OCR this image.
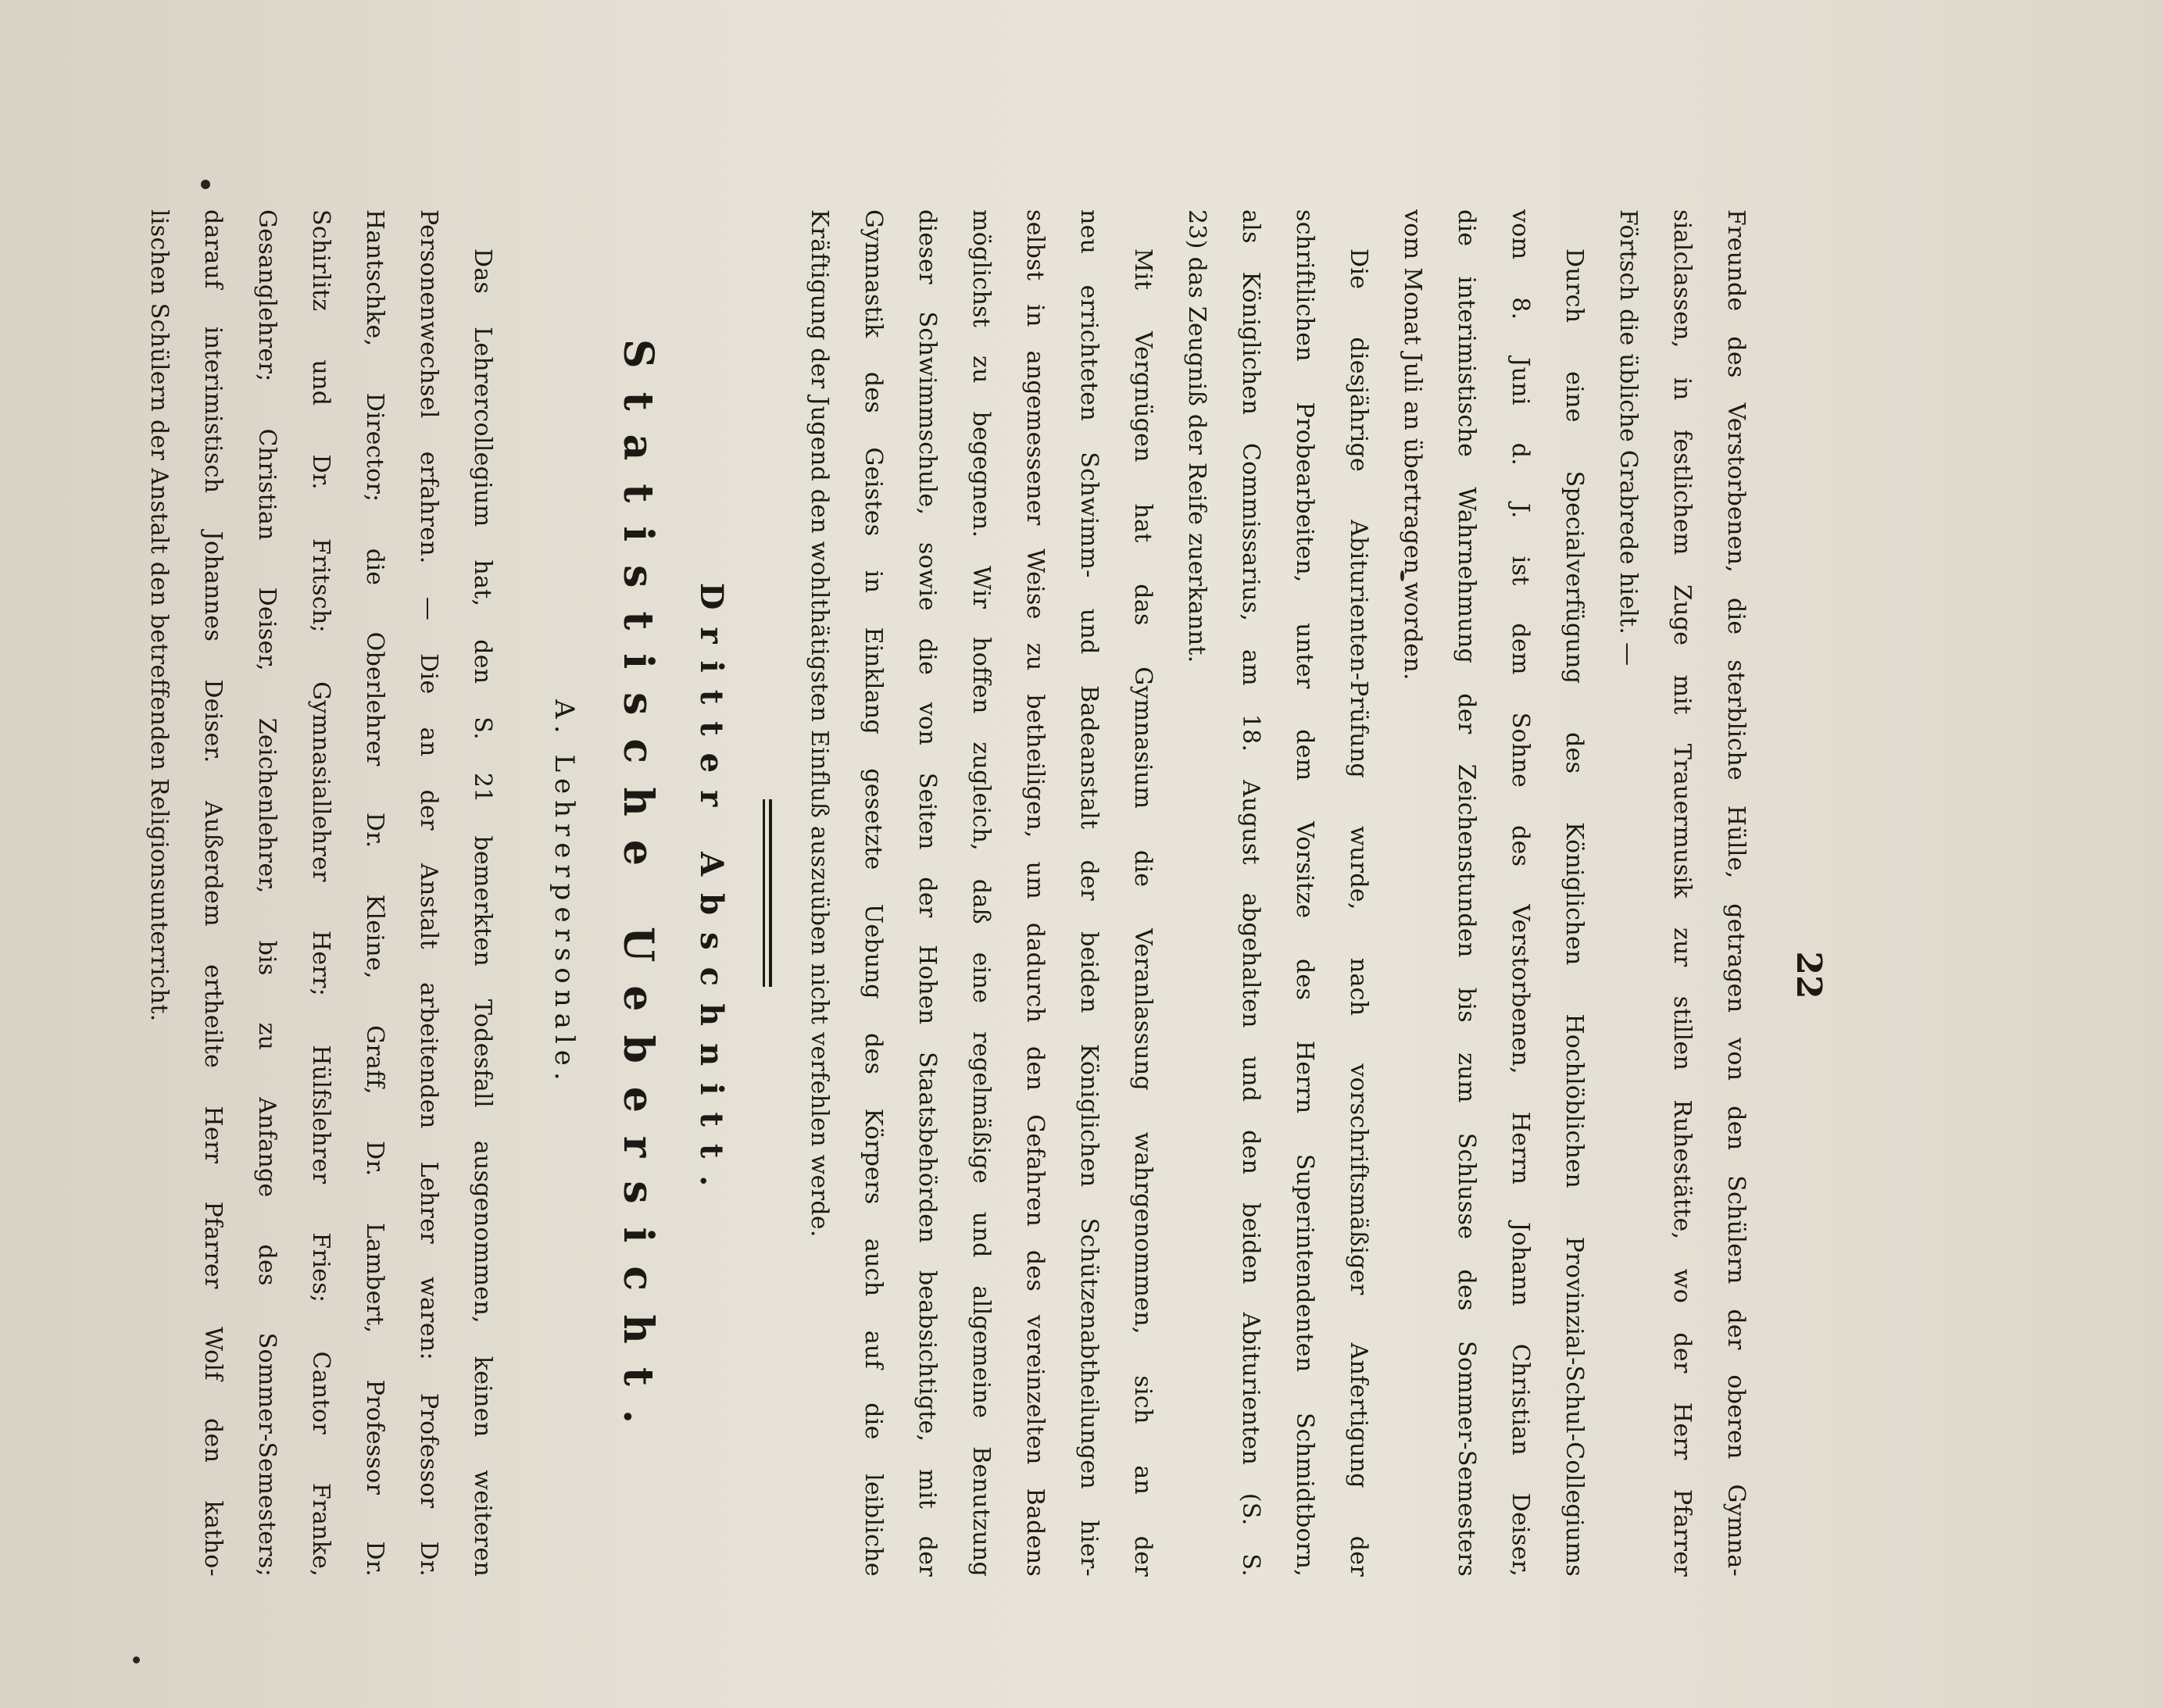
22
Freunde des Verstorbenen, die sterbliche Hülle, getragen von den Schülern der oberen Gymna-
sialclassen, in festlichem Zuge mit Trauermusik zur stillen Ruhestätte, wo der Herr Pfarrer
Förtsch die übliche Grabrede hielt. —
Durch eine Specialverfügung des Königlichen Hochlöblichen Provinzial-Schul-Collegiums
vom 8. Juni d. J. ist dem Sohne des Verstorbenen, Herrn Johann Christian Deiser,
die interimistische Wahrnehmung der Zeichenstunden bis zum Schlusse des Sommer-Semesters
vom Monat Juli an übertragen worden.
Die diesjährige Abiturienten-Prüfung wurde, nach vorschriftsmäßiger Anfertigung der
schriftlichen Probearbeiten, unter dem Vorsitze des Herrn Superintendenten Schmidtborn,
als Königlichen Commissarius, am 18. August abgehalten und den beiden Abiturienten (S. S.
23) das Zeugniß der Reife zuerkannt.
Mit Vergnügen hat das Gymnasium die Veranlassung wahrgenommen, sich an der
neu errichteten Schwimm- und Badeanstalt der beiden Königlichen Schützenabtheilungen hier-
selbst in angemessener Weise zu betheiligen, um dadurch den Gefahren des vereinzelten Badens
möglichst zu begegnen. Wir hoffen zugleich, daß eine regelmäßige und allgemeine Benutzung
dieser Schwimmschule, sowie die von Seiten der Hohen Staatsbehörden beabsichtigte, mit der
Gymnastik des Geistes in Einklang gesetzte Uebung des Körpers auch auf die leibliche
Kräftigung der Jugend den wohlthätigsten Einfluß auszuüben nicht verfehlen werde.
Dritter Abschnitt.
Statistische Uebersicht.
A. Lehrerpersonale.
Das Lehrercollegium hat, den S. 21 bemerkten Todesfall ausgenommen, keinen weiteren
Personenwechsel erfahren. — Die an der Anstalt arbeitenden Lehrer waren: Professor Dr.
Hantschke, Director; die Oberlehrer Dr. Kleine, Graff, Dr. Lambert, Professor Dr.
Schirlitz und Dr. Fritsch; Gymnasiallehrer Herr; Hülfslehrer Fries; Cantor Franke,
Gesanglehrer; Christian Deiser, Zeichenlehrer, bis zu Anfange des Sommer-Semesters;
darauf interimistisch Johannes Deiser. Außerdem ertheilte Herr Pfarrer Wolf den katho-
lischen Schülern der Anstalt den betreffenden Religionsunterricht.
